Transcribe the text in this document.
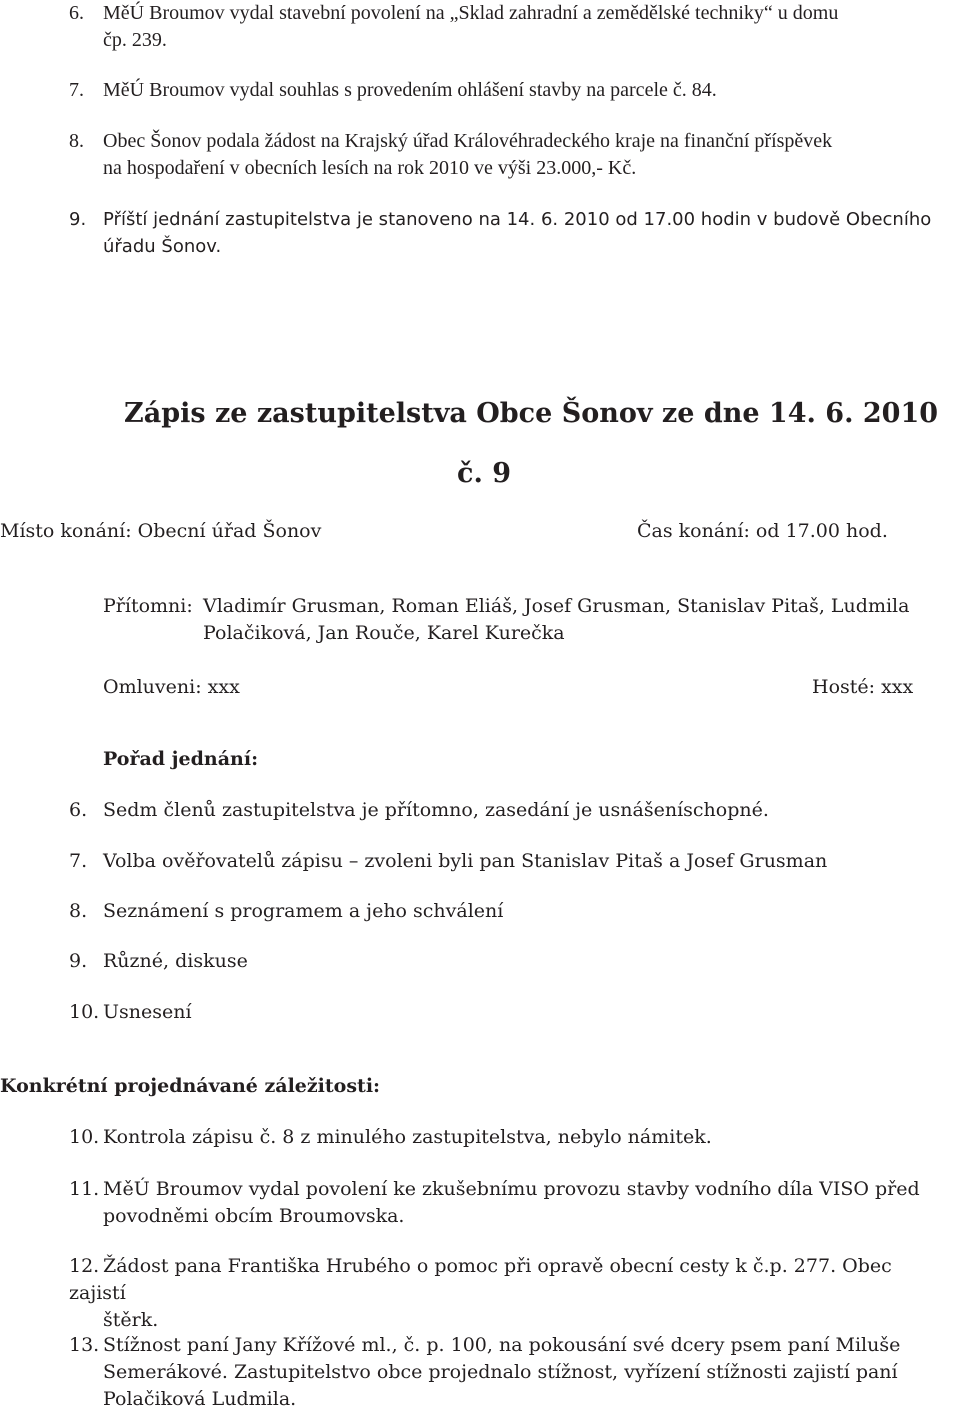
6. MěÚ Broumov vydal stavební povolení na „Sklad zahradní a zemědělské techniky“ u domu
čp. 239.
7. MěÚ Broumov vydal souhlas s provedením ohlášení stavby na parcele č. 84.
8. Obec Šonov podala žádost na Krajský úřad Královéhradeckého kraje na finanční příspěvek
na hospodaření v obecních lesích na rok 2010 ve výši 23.000,- Kč.
9. Příští jednání zastupitelstva je stanoveno na 14. 6. 2010 od 17.00 hodin v budově Obecního
úřadu Šonov.
Zápis ze zastupitelstva Obce Šonov ze dne 14. 6. 2010
č. 9
Místo konání: Obecní úřad Šonov	Čas konání: od 17.00 hod.
Přítomni: Vladimír Grusman, Roman Eliáš, Josef Grusman, Stanislav Pitaš, Ludmila
Polačiková, Jan Rouče, Karel Kurečka
Omluveni: xxx	Hosté: xxx
Pořad jednání:
6. Sedm členů zastupitelstva je přítomno, zasedání je usnášeníschopné.
7. Volba ověřovatelů zápisu – zvoleni byli pan Stanislav Pitaš a Josef Grusman
8. Seznámení s programem a jeho schválení
9. Různé, diskuse
10. Usnesení
Konkrétní projednávané záležitosti:
10. Kontrola zápisu č. 8 z minulého zastupitelstva, nebylo námitek.
11. MěÚ Broumov vydal povolení ke zkušebnímu provozu stavby vodního díla VISO před
povodněmi obcím Broumovska.
12. Žádost pana Františka Hrubého o pomoc při opravě obecní cesty k č.p. 277. Obec zajistí
štěrk.
13. Stížnost paní Jany Křížové ml., č. p. 100, na pokousání své dcery psem paní Miluše
Semerákové. Zastupitelstvo obce projednalo stížnost, vyřízení stížnosti zajistí paní
Polačiková Ludmila.
